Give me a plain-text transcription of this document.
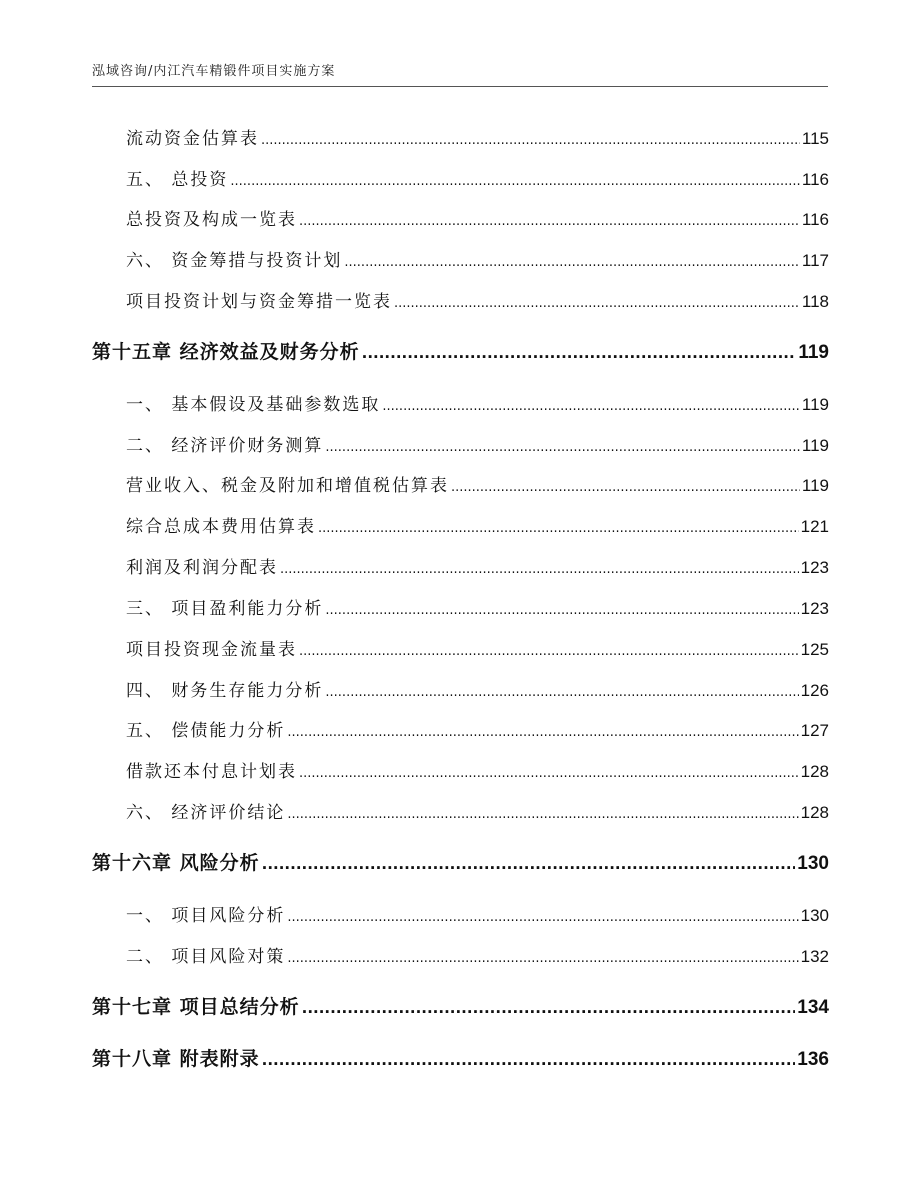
泓域咨询/内江汽车精锻件项目实施方案
流动资金估算表 .....	115
五、 总投资 .....	116
总投资及构成一览表 .....	116
六、 资金筹措与投资计划 .....	117
项目投资计划与资金筹措一览表 .....	118
第十五章 经济效益及财务分析 .....	119
一、 基本假设及基础参数选取 .....	119
二、 经济评价财务测算 .....	119
营业收入、税金及附加和增值税估算表 .....	119
综合总成本费用估算表 .....	121
利润及利润分配表 .....	123
三、 项目盈利能力分析 .....	123
项目投资现金流量表 .....	125
四、 财务生存能力分析 .....	126
五、 偿债能力分析 .....	127
借款还本付息计划表 .....	128
六、 经济评价结论 .....	128
第十六章 风险分析 .....	130
一、 项目风险分析 .....	130
二、 项目风险对策 .....	132
第十七章 项目总结分析 .....	134
第十八章 附表附录 .....	136
